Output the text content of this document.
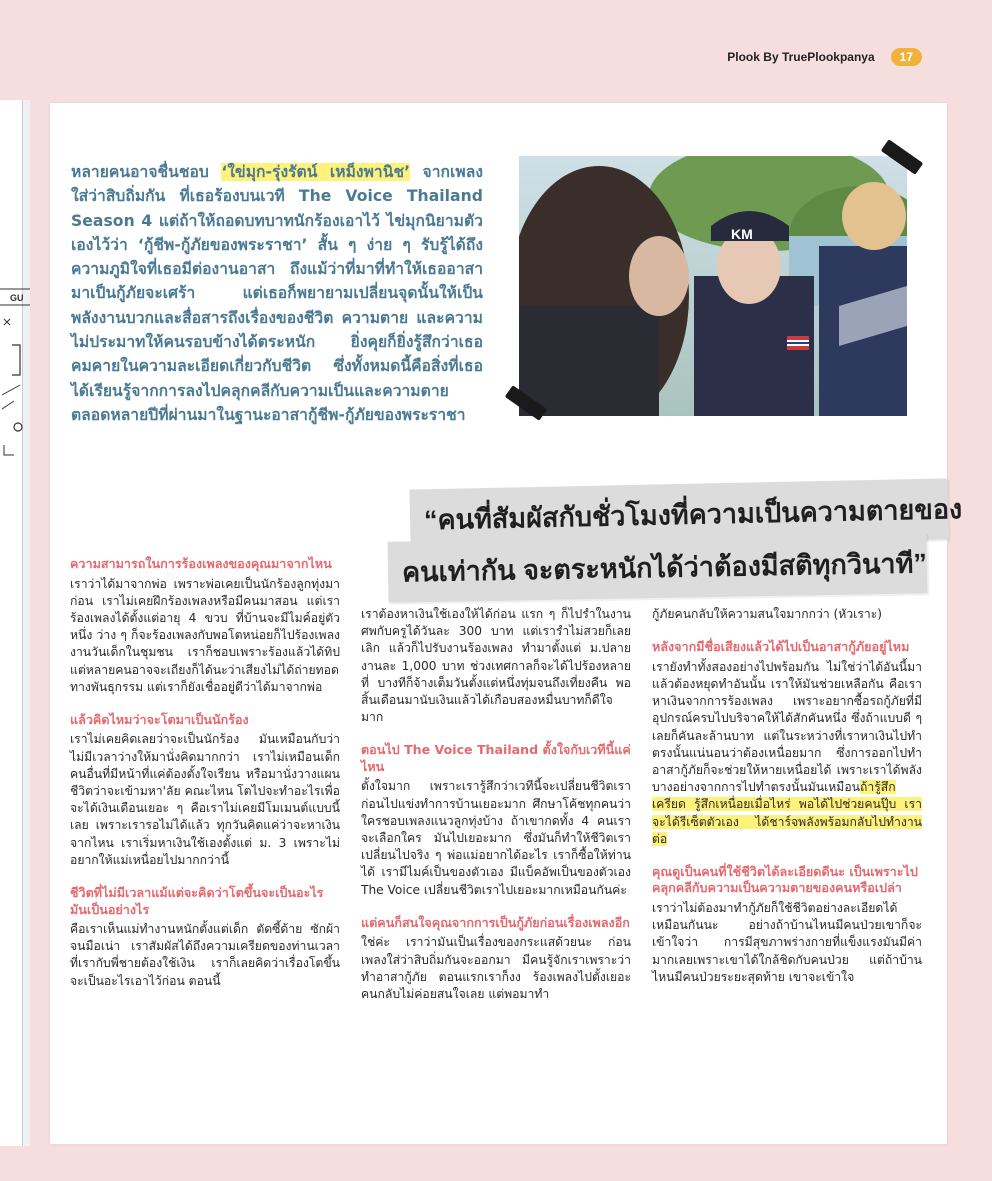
GU
Plook By TruePlookpanya	17

หลายคนอาจชื่นชอบ ‘ใข่มุก-รุ่งรัตน์ เหม็งพานิช’ จากเพลง ใส่ว่าสิบถิ่มกัน ที่เธอร้องบนเวที The Voice Thailand Season 4 แต่ถ้าให้ถอดบทบาทนักร้องเอาไว้ ไข่มุกนิยามตัวเองไว้ว่า ‘กู้ชีพ-กู้ภัยของพระราชา’ สั้น ๆ ง่าย ๆ รับรู้ได้ถึงความภูมิใจที่เธอมีต่องานอาสา ถึงแม้ว่าที่มาที่ทำให้เธออาสามาเป็นกู้ภัยจะเศร้า แต่เธอก็พยายามเปลี่ยนจุดนั้นให้เป็นพลังงานบวกและสื่อสารถึงเรื่องของชีวิต ความตาย และความไม่ประมาทให้คนรอบข้างได้ตระหนัก ยิ่งคุยก็ยิ่งรู้สึกว่าเธอคมคายในความละเอียดเกี่ยวกับชีวิต ซึ่งทั้งหมดนี้คือสิ่งที่เธอได้เรียนรู้จากการลงไปคลุกคลีกับความเป็นและความตายตลอดหลายปีที่ผ่านมาในฐานะอาสากู้ชีพ-กู้ภัยของพระราชา

KM
“คนที่สัมผัสกับชั่วโมงที่ความเป็นความตายของ
คนเท่ากัน จะตระหนักได้ว่าต้องมีสติทุกวินาที”
ความสามารถในการร้องเพลงของคุณมาจากไหน

เราว่าได้มาจากพ่อ เพราะพ่อเคยเป็นนักร้องลูกทุ่งมาก่อน เราไม่เคยฝึกร้องเพลงหรือมีคนมาสอน แต่เราร้องเพลงได้ตั้งแต่อายุ 4 ขวบ ที่บ้านจะมีไมค์อยู่ตัวหนึ่ง ว่าง ๆ ก็จะร้องเพลงกับพอโตหน่อยก็ไปร้องเพลงงานวันเด็กในชุมชน เราก็ชอบเพราะร้องแล้วได้ทิป แต่หลายคนอาจจะเถียงก็ได้นะว่าเสียงไม่ได้ถ่ายทอดทางพันธุกรรม แต่เราก็ยังเชื่ออยู่ดีว่าได้มาจากพ่อ

แล้วคิดไหมว่าจะโตมาเป็นนักร้อง

เราไม่เคยคิดเลยว่าจะเป็นนักร้อง มันเหมือนกับว่าไม่มีเวลาว่างให้มานั่งคิดมากกว่า เราไม่เหมือนเด็กคนอื่นที่มีหน้าที่แค่ต้องตั้งใจเรียน หรือมานั่งวางแผนชีวิตว่าจะเข้ามหา'ลัย คณะไหน โตไปจะทำอะไรเพื่อจะได้เงินเดือนเยอะ ๆ คือเราไม่เคยมีโมเมนต์แบบนี้เลย เพราะเรารอไม่ได้แล้ว ทุกวันคิดแค่ว่าจะหาเงินจากไหน เราเริ่มหาเงินใช้เองตั้งแต่ ม. 3 เพราะไม่อยากให้แม่เหนื่อยไปมากกว่านี้

ชีวิตที่ไม่มีเวลาแม้แต่จะคิดว่าโตขึ้นจะเป็นอะไร มันเป็นอย่างไร

คือเราเห็นแม่ทำงานหนักตั้งแต่เด็ก ตัดซี้ด้าย ซักผ้าจนมือเน่า เราสัมผัสได้ถึงความเครียดของท่านเวลาที่เรากับพี่ชายต้องใช้เงิน เราก็เลยคิดว่าเรื่องโตขึ้นจะเป็นอะไรเอาไว้ก่อน ตอนนี้

เราต้องหาเงินใช้เองให้ได้ก่อน แรก ๆ ก็ไปรำในงานศพกับครูได้วันละ 300 บาท แต่เรารำไม่สวยก็เลยเลิก แล้วก็ไปรับงานร้องเพลง ทำมาตั้งแต่ ม.ปลาย งานละ 1,000 บาท ช่วงเทศกาลก็จะได้ไปร้องหลายที่ บางทีก็จ้างเต็มวันตั้งแต่หนึ่งทุ่มจนถึงเที่ยงคืน พอสิ้นเดือนมานับเงินแล้วได้เกือบสองหมื่นบาทก็ดีใจมาก

ตอนไป The Voice Thailand ตั้งใจกับเวทีนี้แค่ไหน

ตั้งใจมาก เพราะเรารู้สึกว่าเวทีนี้จะเปลี่ยนชีวิตเรา ก่อนไปแข่งทำการบ้านเยอะมาก ศึกษาโค้ชทุกคนว่าใครชอบเพลงแนวลูกทุ่งบ้าง ถ้าเขากดทั้ง 4 คนเราจะเลือกใคร มันไปเยอะมาก ซึ่งมันก็ทำให้ชีวิตเราเปลี่ยนไปจริง ๆ พ่อแม่อยากได้อะไร เราก็ซื้อให้ท่านได้ เรามีไมค์เป็นของตัวเอง มีแบ็คอัพเป็นของตัวเอง The Voice เปลี่ยนชีวิตเราไปเยอะมากเหมือนกันค่ะ

แต่คนก็สนใจคุณจากการเป็นกู้ภัยก่อนเรื่องเพลงอีก

ใช่ค่ะ เราว่ามันเป็นเรื่องของกระแสด้วยนะ ก่อนเพลงใส่ว่าสิบถิ่มกันจะออกมา มีคนรู้จักเราเพราะว่าทำอาสากู้ภัย ตอนแรกเราก็งง ร้องเพลงไปตั้งเยอะคนกลับไม่ค่อยสนใจเลย แต่พอมาทำ

กู้ภัยคนกลับให้ความสนใจมากกว่า (หัวเราะ)

หลังจากมีชื่อเสียงแล้วได้ไปเป็นอาสากู้ภัยอยู่ไหม

เรายังทำทั้งสองอย่างไปพร้อมกัน ไม่ใช่ว่าได้อันนี้มาแล้วต้องหยุดทำอันนั้น เราให้มันช่วยเหลือกัน คือเราหาเงินจากการร้องเพลง เพราะอยากซื้อรถกู้ภัยที่มีอุปกรณ์ครบไปบริจาคให้ได้สักคันหนึ่ง ซึ่งถ้าแบบดี ๆ เลยก็คันละล้านบาท แต่ในระหว่างที่เราหาเงินไปทำตรงนั้นแน่นอนว่าต้องเหนื่อยมาก ซึ่งการออกไปทำอาสากู้ภัยก็จะช่วยให้หายเหนื่อยได้ เพราะเราได้พลังบางอย่างจากการไปทำตรงนั้นมันเหมือนถ้ารู้สึกเครียด รู้สึกเหนื่อยเมื่อไหร่ พอได้ไปช่วยคนปุ๊บ เราจะได้รีเซ็ตตัวเอง ได้ชาร์จพลังพร้อมกลับไปทำงานต่อ

คุณดูเป็นคนที่ใช้ชีวิตได้ละเอียดดีนะ เป็นเพราะไปคลุกคลีกับความเป็นความตายของคนหรือเปล่า

เราว่าไม่ต้องมาทำกู้ภัยก็ใช้ชีวิตอย่างละเอียดได้เหมือนกันนะ อย่างถ้าบ้านไหนมีคนป่วยเขาก็จะเข้าใจว่า การมีสุขภาพร่างกายที่แข็งแรงมันมีค่ามากเลยเพราะเขาได้ใกล้ชิดกับคนป่วย แต่ถ้าบ้านไหนมีคนป่วยระยะสุดท้าย เขาจะเข้าใจ
